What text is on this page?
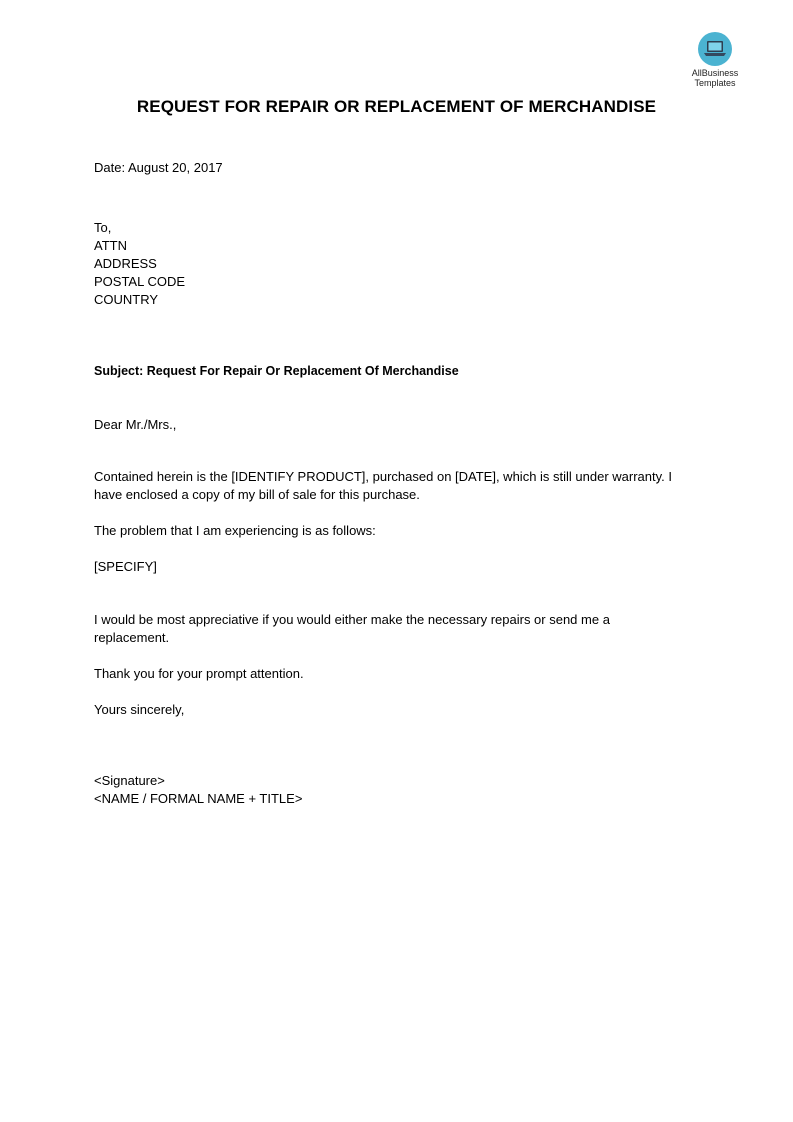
AllBusiness
Templates
REQUEST FOR REPAIR OR REPLACEMENT OF MERCHANDISE
Date: August 20, 2017
To,
ATTN
ADDRESS
POSTAL CODE
COUNTRY
Subject: Request For Repair Or Replacement Of Merchandise
Dear Mr./Mrs.,
Contained herein is the [IDENTIFY PRODUCT], purchased on [DATE], which is still under warranty. I have enclosed a copy of my bill of sale for this purchase.
The problem that I am experiencing is as follows:
[SPECIFY]
I would be most appreciative if you would either make the necessary repairs or send me a replacement.
Thank you for your prompt attention.
Yours sincerely,
<Signature>
<NAME / FORMAL NAME + TITLE>
